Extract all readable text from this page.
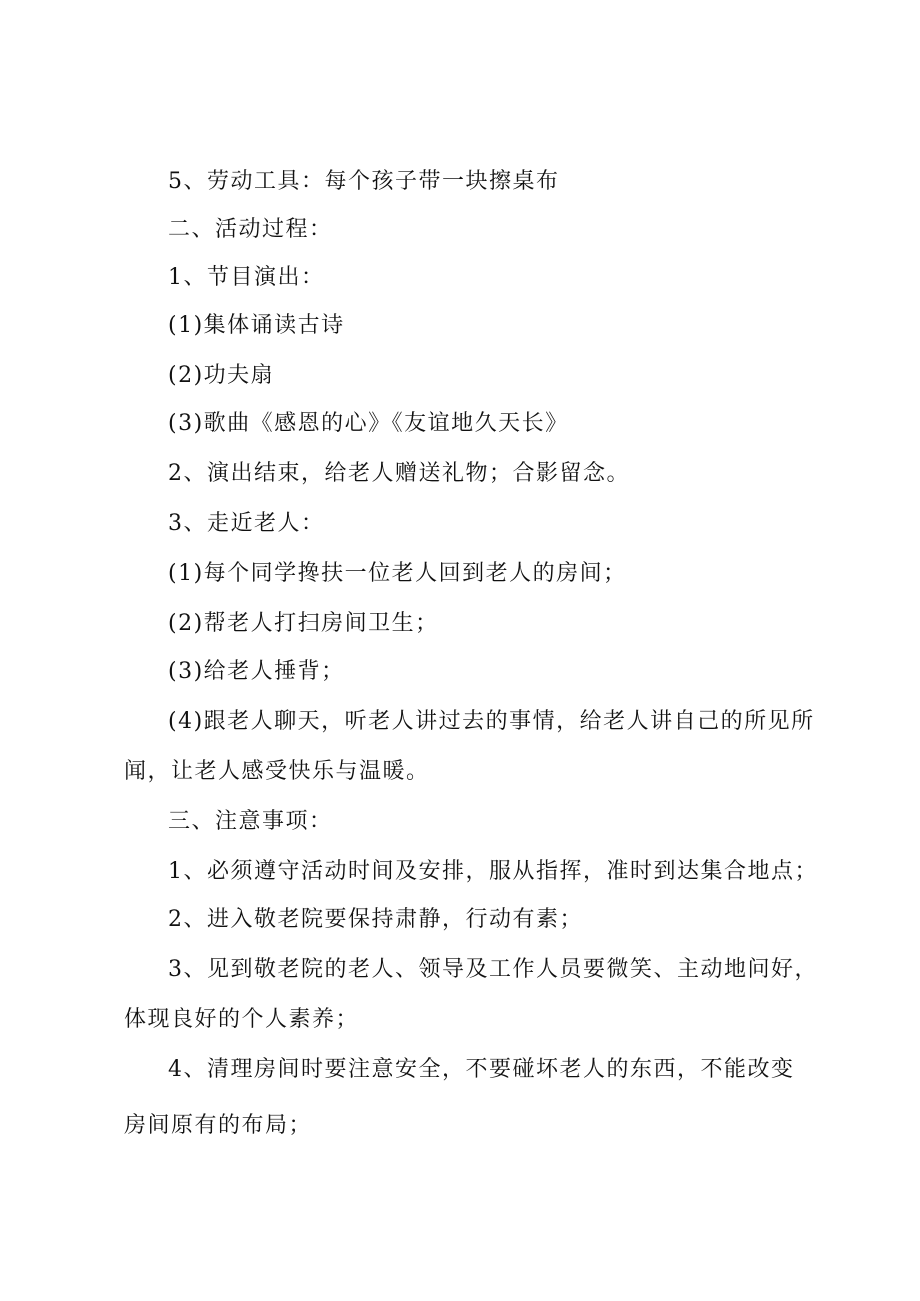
5、劳动工具：每个孩子带一块擦桌布
二、活动过程：
1、节目演出：
(1)集体诵读古诗
(2)功夫扇
(3)歌曲《感恩的心》《友谊地久天长》
2、演出结束，给老人赠送礼物；合影留念。
3、走近老人：
(1)每个同学搀扶一位老人回到老人的房间；
(2)帮老人打扫房间卫生；
(3)给老人捶背；
(4)跟老人聊天，听老人讲过去的事情，给老人讲自己的所见所
闻，让老人感受快乐与温暖。
三、注意事项：
1、必须遵守活动时间及安排，服从指挥，准时到达集合地点；
2、进入敬老院要保持肃静，行动有素；
3、见到敬老院的老人、领导及工作人员要微笑、主动地问好，
体现良好的个人素养；
4、清理房间时要注意安全，不要碰坏老人的东西，不能改变
房间原有的布局；
